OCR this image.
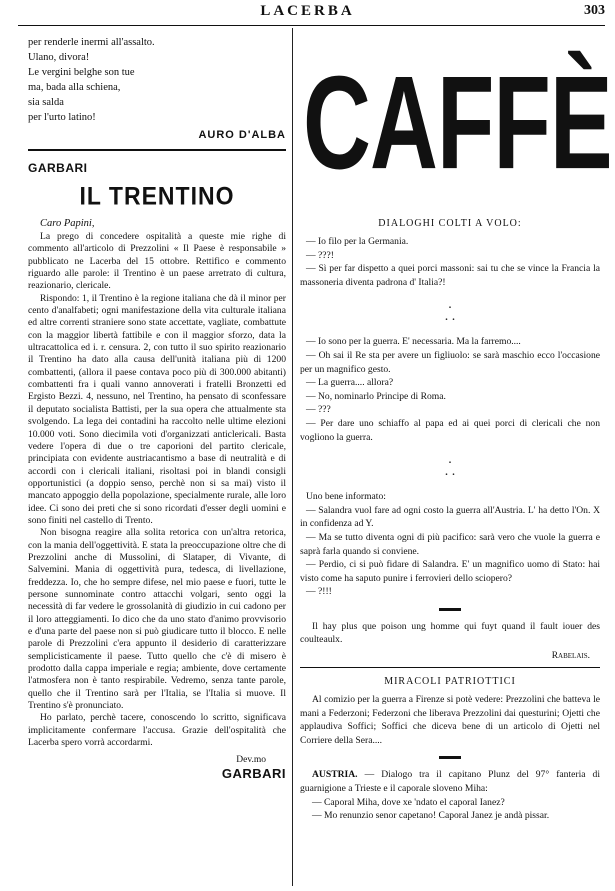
LACERBA	303
per renderle inermi all'assalto.
Ulano, divora!
Le vergini belghe son tue
ma, bada alla schiena,
sia salda
per l'urto latino!
AURO D'ALBA
GARBARI
IL TRENTINO
Caro Papini,

La prego di concedere ospitalità a queste mie righe di commento all'articolo di Prezzolini « Il Paese è responsabile » pubblicato ne Lacerba del 15 ottobre. Rettifico e commento riguardo alle parole: il Trentino è un paese arretrato di cultura, reazionario, clericale.

Rispondo: 1, il Trentino è la regione italiana che dà il minor per cento d'analfabeti; ogni manifestazione della vita culturale italiana ed altre correnti straniere sono state accettate, vagliate, combattute con la maggior libertà fattibile e con il maggior sforzo, data la ultracattolica ed i. r. censura. 2, con tutto il suo spirito reazionario il Trentino ha dato alla causa dell'unità italiana più di 1200 combattenti, (allora il paese contava poco più di 300.000 abitanti) combattenti fra i quali vanno annoverati i fratelli Bronzetti ed Ergisto Bezzi. 4, nessuno, nel Trentino, ha pensato di sconfessare il deputato socialista Battisti, per la sua opera che attualmente sta svolgendo. La lega dei contadini ha raccolto nelle ultime elezioni 10.000 voti. Sono diecimila voti d'organizzati anticlericali. Basta vedere l'opera di due o tre caporioni del partito clericale, principiata con evidente austriacantismo a base di neutralità e di accordi con i clericali italiani, risoltasi poi in blandi consigli opportunistici (a doppio senso, perchè non si sa mai) visto il mancato appoggio della popolazione, specialmente rurale, alle loro idee. Ci sono dei preti che si sono ricordati d'esser degli uomini e sono finiti nel castello di Trento.

Non bisogna reagire alla solita retorica con un'altra retorica, con la mania dell'oggettività. E stata la preoccupazione oltre che di Prezzolini anche di Mussolini, di Slataper, di Vivante, di Salvemini. Mania di oggettività pura, tedesca, di livellazione, freddezza. Io, che ho sempre difese, nel mio paese e fuori, tutte le persone sunnominate contro attacchi volgari, sento oggi la necessità di far vedere le grossolanità di giudizio in cui cadono per il loro atteggiamenti. Io dico che da uno stato d'animo provvisorio e d'una parte del paese non si può giudicare tutto il blocco. E nelle parole di Prezzolini c'era appunto il desiderio di caratterizzare semplicisticamente il paese. Tutto quello che c'è di misero è prodotto dalla cappa imperiale e regia; ambiente, dove certamente l'atmosfera non è tanto respirabile. Vedremo, senza tante parole, quello che il Trentino sarà per l'Italia, se l'Italia si muove. Il Trentino s'è pronunciato.

Ho parlato, perchè tacere, conoscendo lo scritto, significava implicitamente confermare l'accusa. Grazie dell'ospitalità che Lacerba spero vorrà accordarmi.

Dev.mo
GARBARI
CAFFÈ
DIALOGHI COLTI A VOLO:

— Io filo per la Germania.

— ???!

— Sì per far dispetto a quei porci massoni: sai tu che se vince la Francia la massoneria diventa padrona d' Italia?!

.
. .

— Io sono per la guerra. E' necessaria. Ma la farremo....

— Oh sai il Re sta per avere un figliuolo: se sarà maschio ecco l'occasione per un magnifico gesto.

— La guerra.... allora?

— No, nominarlo Principe di Roma.

— ???

— Per dare uno schiaffo al papa ed ai quei porci di clericali che non vogliono la guerra.

.
. .

Uno bene informato:

— Salandra vuol fare ad ogni costo la guerra all'Austria. L' ha detto l'On. X in confidenza ad Y.

— Ma se tutto diventa ogni di più pacifico: sarà vero che vuole la guerra e saprà farla quando si conviene.

— Perdio, ci si può fidare di Salandra. E' un magnifico uomo di Stato: hai visto come ha saputo punire i ferrovieri dello sciopero?

— ?!!!

Il hay plus que poison ung homme qui fuyt quand il fault iouer des coulteaulx.

Rabelais.
MIRACOLI PATRIOTTICI

Al comizio per la guerra a Firenze si potè vedere: Prezzolini che batteva le mani a Federzoni; Federzoni che liberava Prezzolini dai questurini; Ojetti che applaudiva Soffici; Soffici che diceva bene di un articolo di Ojetti nel Corriere della Sera....

AUSTRIA. — Dialogo tra il capitano Plunz del 97° fanteria di guarnigione a Trieste e il caporale sloveno Miha:

— Caporal Miha, dove xe 'ndato el caporal Ianez?

— Mo renunzio senor capetano! Caporal Janez je andà pissar.
